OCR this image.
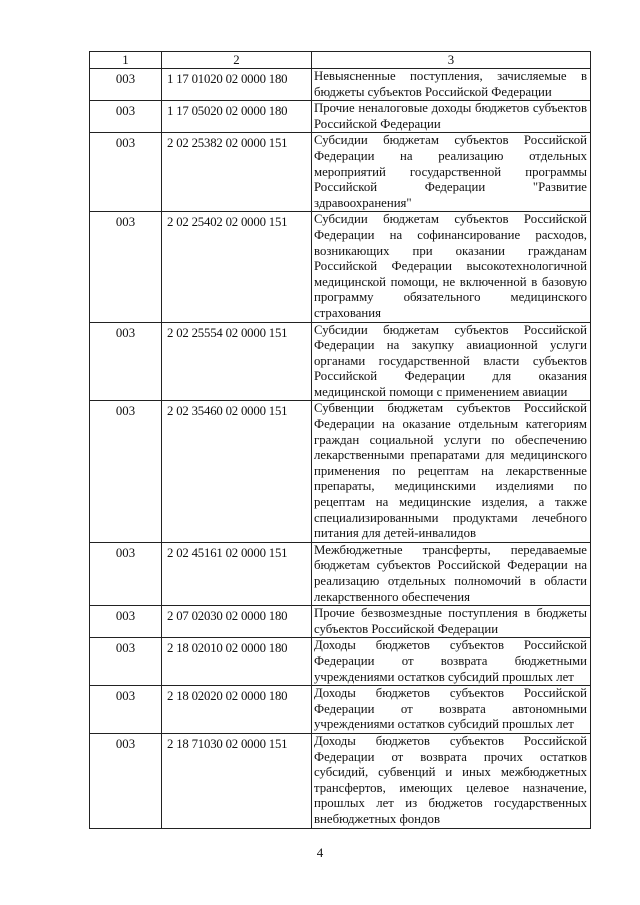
1	2	3
003	1 17 01020 02 0000 180	Невыясненные поступления, зачисляемые в бюджеты субъектов Российской Федерации
003	1 17 05020 02 0000 180	Прочие неналоговые доходы бюджетов субъектов Российской Федерации
003	2 02 25382 02 0000 151	Субсидии бюджетам субъектов Российской Федерации на реализацию отдельных мероприятий государственной программы Российской Федерации "Развитие здравоохранения"
003	2 02 25402 02 0000 151	Субсидии бюджетам субъектов Российской Федерации на софинансирование расходов, возникающих при оказании гражданам Российской Федерации высокотехнологичной медицинской помощи, не включенной в базовую программу обязательного медицинского страхования
003	2 02 25554 02 0000 151	Субсидии бюджетам субъектов Российской Федерации на закупку авиационной услуги органами государственной власти субъектов Российской Федерации для оказания медицинской помощи с применением авиации
003	2 02 35460 02 0000 151	Субвенции бюджетам субъектов Российской Федерации на оказание отдельным категориям граждан социальной услуги по обеспечению лекарственными препаратами для медицинского применения по рецептам на лекарственные препараты, медицинскими изделиями по рецептам на медицинские изделия, а также специализированными продуктами лечебного питания для детей-инвалидов
003	2 02 45161 02 0000 151	Межбюджетные трансферты, передаваемые бюджетам субъектов Российской Федерации на реализацию отдельных полномочий в области лекарственного обеспечения
003	2 07 02030 02 0000 180	Прочие безвозмездные поступления в бюджеты субъектов Российской Федерации
003	2 18 02010 02 0000 180	Доходы бюджетов субъектов Российской Федерации от возврата бюджетными учреждениями остатков субсидий прошлых лет
003	2 18 02020 02 0000 180	Доходы бюджетов субъектов Российской Федерации от возврата автономными учреждениями остатков субсидий прошлых лет
003	2 18 71030 02 0000 151	Доходы бюджетов субъектов Российской Федерации от возврата прочих остатков субсидий, субвенций и иных межбюджетных трансфертов, имеющих целевое назначение, прошлых лет из бюджетов государственных внебюджетных фондов
4
